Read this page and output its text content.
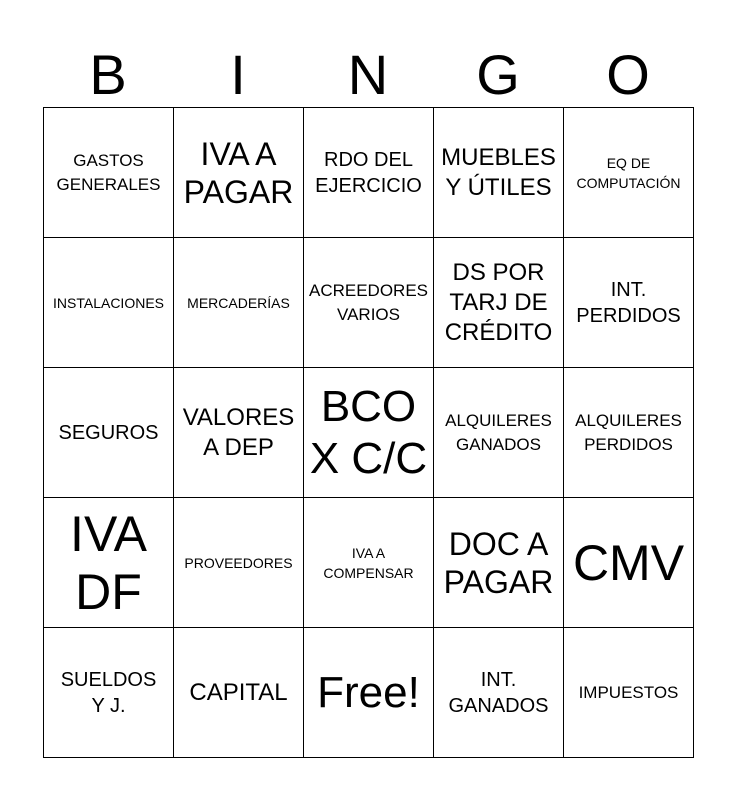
B	I	N	G	O
GASTOS
GENERALES
IVA A
PAGAR
RDO DEL
EJERCICIO
MUEBLES
Y ÚTILES
EQ DE
COMPUTACIÓN
INSTALACIONES MERCADERÍAS
ACREEDORES
VARIOS
DS POR
TARJ DE
CRÉDITO
INT.
PERDIDOS
SEGUROS
VALORES
A DEP
BCO
X C/C
ALQUILERES
GANADOS
ALQUILERES
PERDIDOS
IVA
DF
PROVEEDORES
IVA A
COMPENSAR
DOC A
PAGAR CMV
SUELDOS
Y J.	CAPITAL Free!	INT.
GANADOS
IMPUESTOS
